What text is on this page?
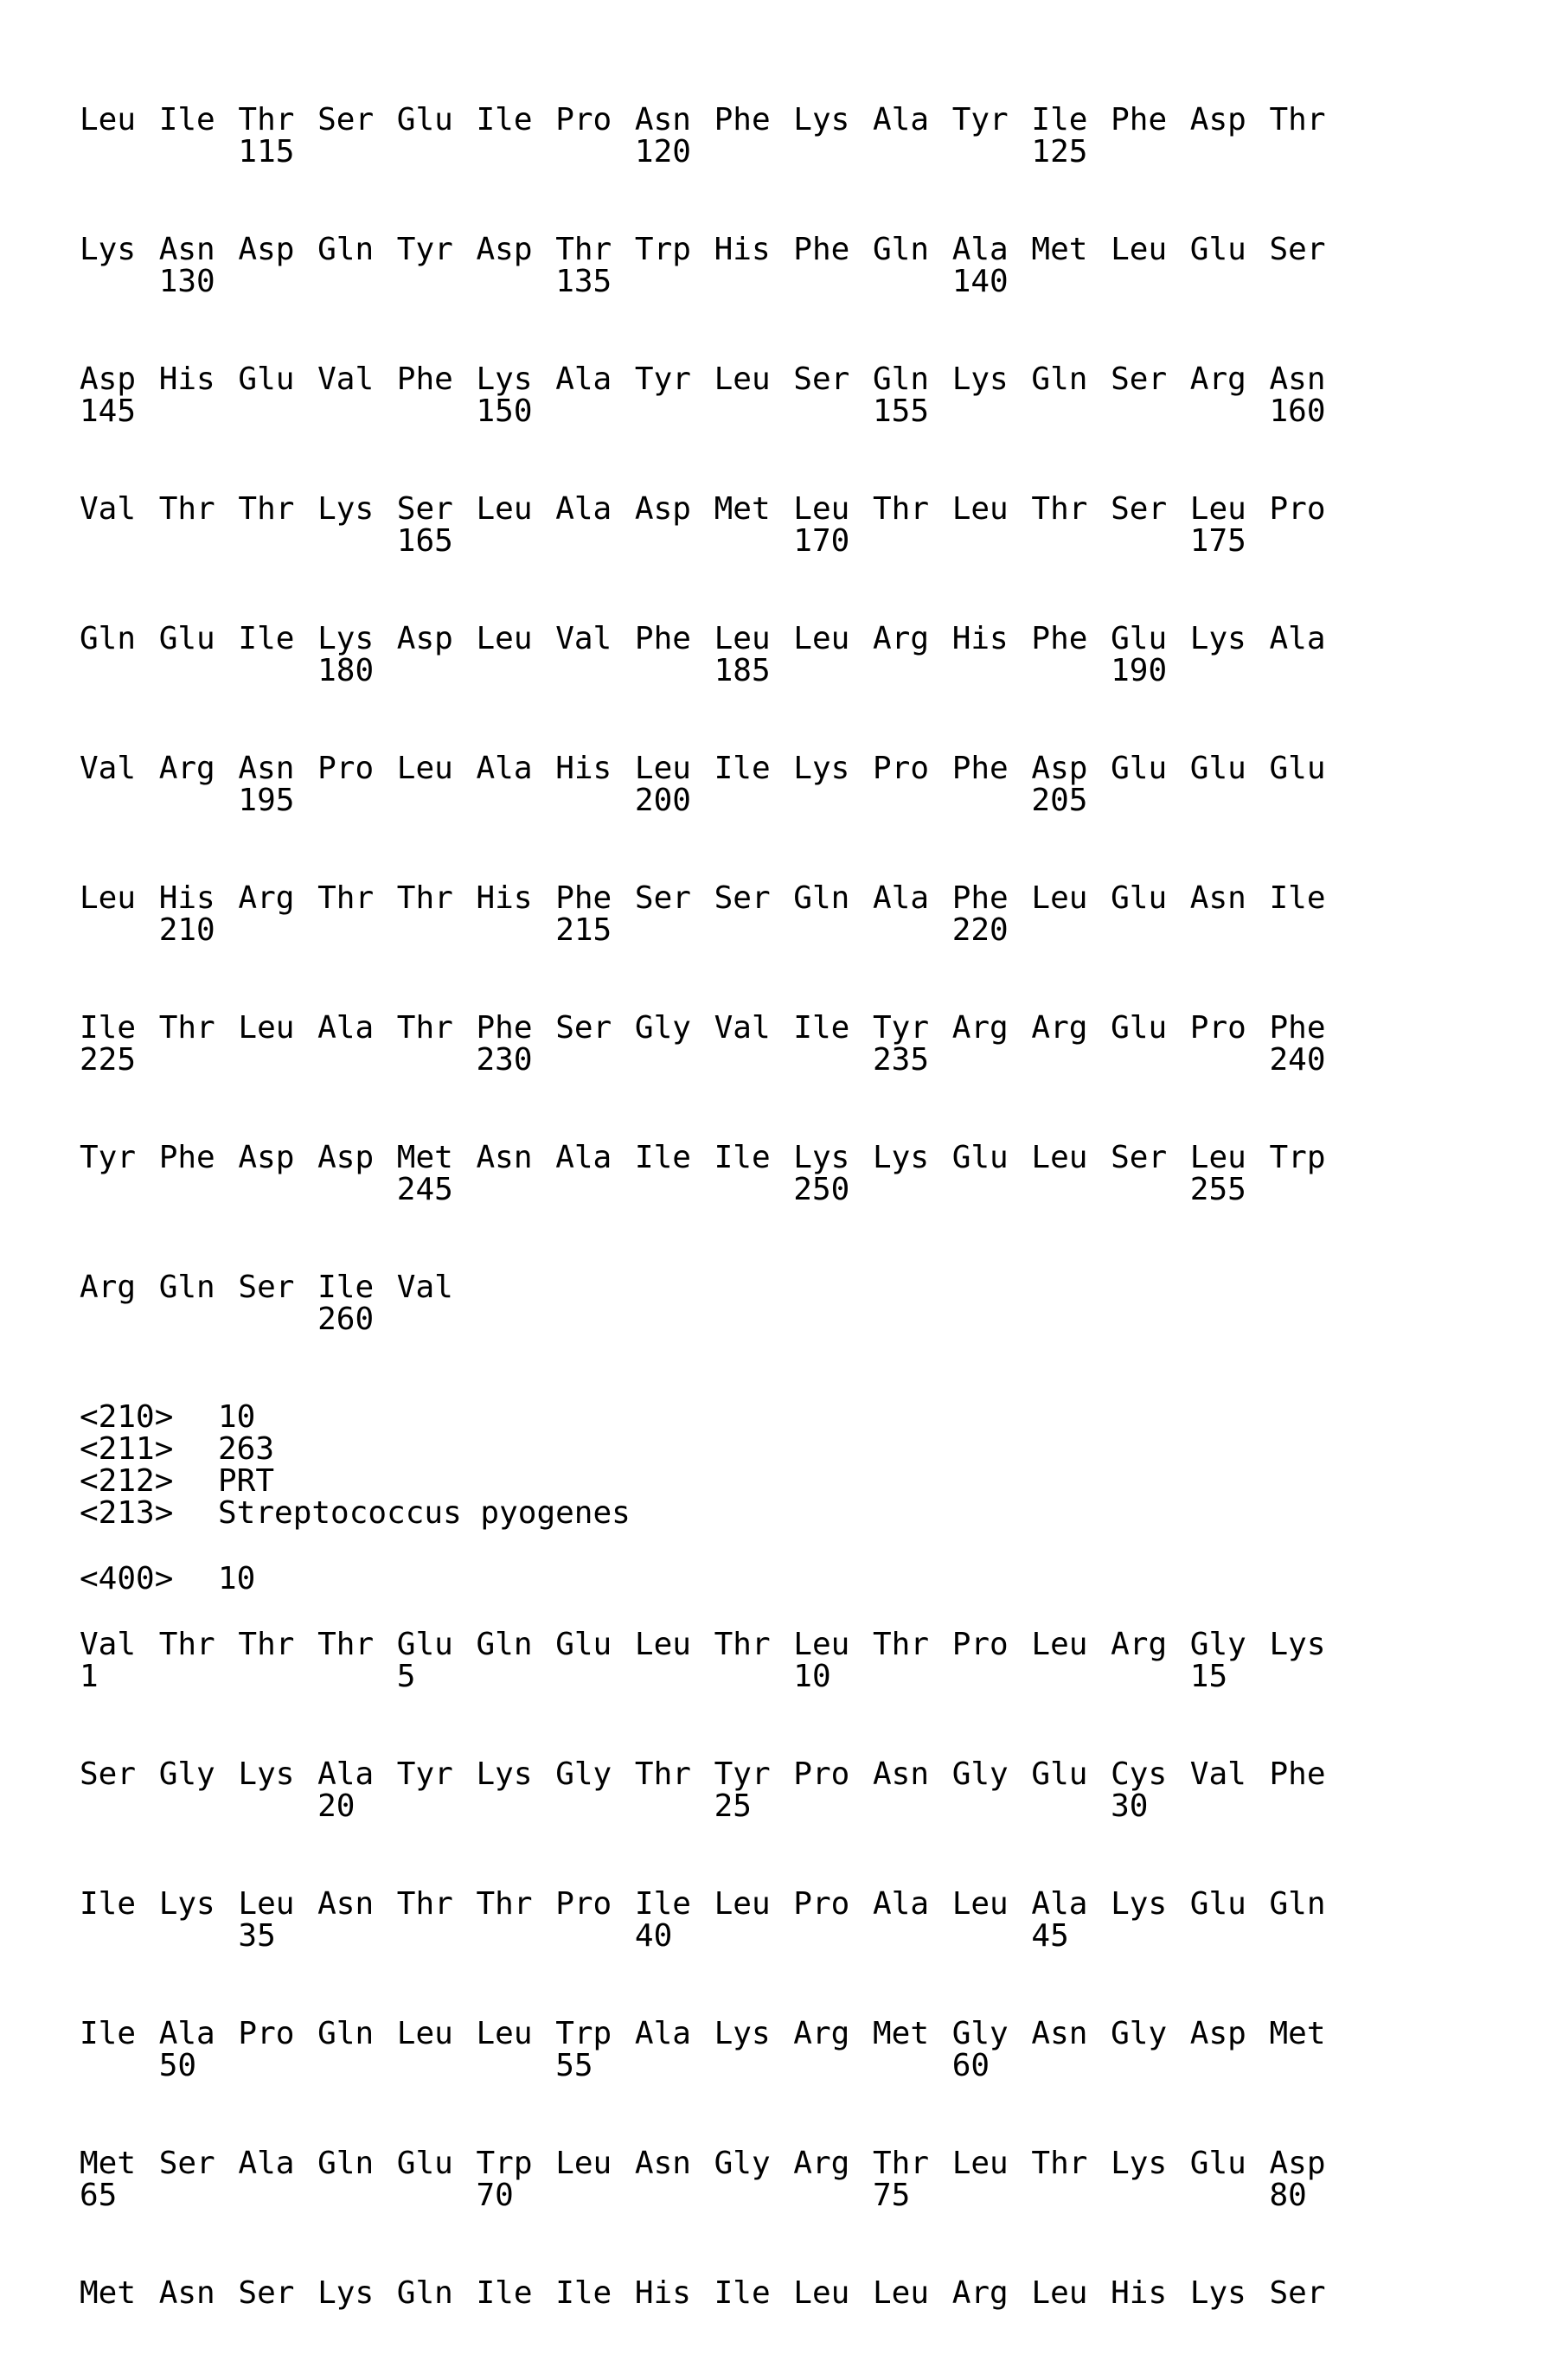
Leu Ile Thr Ser Glu Ile Pro Asn Phe Lys Ala Tyr Ile Phe Asp Thr
115	120	125
Lys Asn Asp Gln Tyr Asp Thr Trp His Phe Gln Ala Met Leu Glu Ser
130	135	140
Asp His Glu Val Phe Lys Ala Tyr Leu Ser Gln Lys Gln Ser Arg Asn
145	150	155	160
Val Thr Thr Lys Ser Leu Ala Asp Met Leu Thr Leu Thr Ser Leu Pro
165	170	175
Gln Glu Ile Lys Asp Leu Val Phe Leu Leu Arg His Phe Glu Lys Ala
180	185	190
Val Arg Asn Pro Leu Ala His Leu Ile Lys Pro Phe Asp Glu Glu Glu
195	200	205
Leu His Arg Thr Thr His Phe Ser Ser Gln Ala Phe Leu Glu Asn Ile
210	215	220
Ile Thr Leu Ala Thr Phe Ser Gly Val Ile Tyr Arg Arg Glu Pro Phe
225	230	235	240
Tyr Phe Asp Asp Met Asn Ala Ile Ile Lys Lys Glu Leu Ser Leu Trp
245	250	255
Arg Gln Ser Ile Val
260
<210> 10
<211> 263
<212> PRT
<213> Streptococcus pyogenes
<400> 10
Val Thr Thr Thr Glu Gln Glu Leu Thr Leu Thr Pro Leu Arg Gly Lys
1	5	10	15
Ser Gly Lys Ala Tyr Lys Gly Thr Tyr Pro Asn Gly Glu Cys Val Phe
20	25	30
Ile Lys Leu Asn Thr Thr Pro Ile Leu Pro Ala Leu Ala Lys Glu Gln
35	40	45
Ile Ala Pro Gln Leu Leu Trp Ala Lys Arg Met Gly Asn Gly Asp Met
50	55	60
Met Ser Ala Gln Glu Trp Leu Asn Gly Arg Thr Leu Thr Lys Glu Asp
65	70	75	80
Met Asn Ser Lys Gln Ile Ile His Ile Leu Leu Arg Leu His Lys Ser
